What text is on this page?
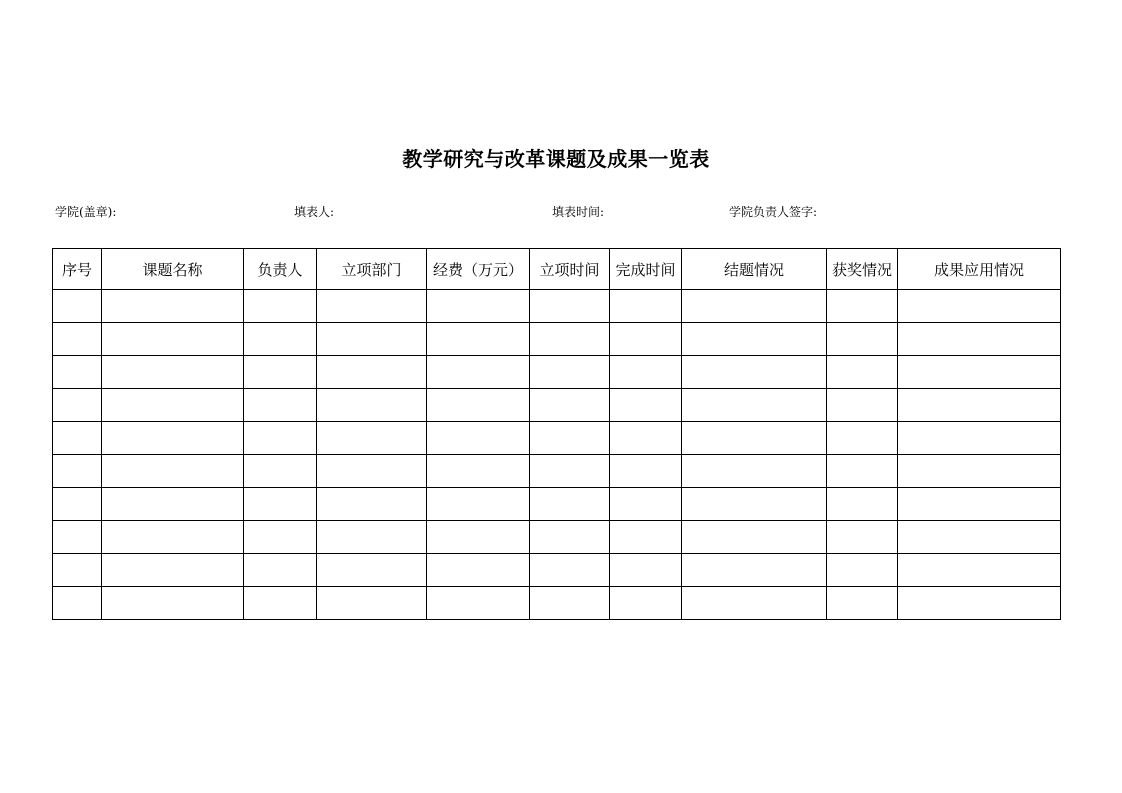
教学研究与改革课题及成果一览表
学院(盖章):	填表人:	填表时间:	学院负责人签字:
序号	课题名称	负责人	立项部门	经费（万元）	立项时间	完成时间	结题情况	获奖情况	成果应用情况
